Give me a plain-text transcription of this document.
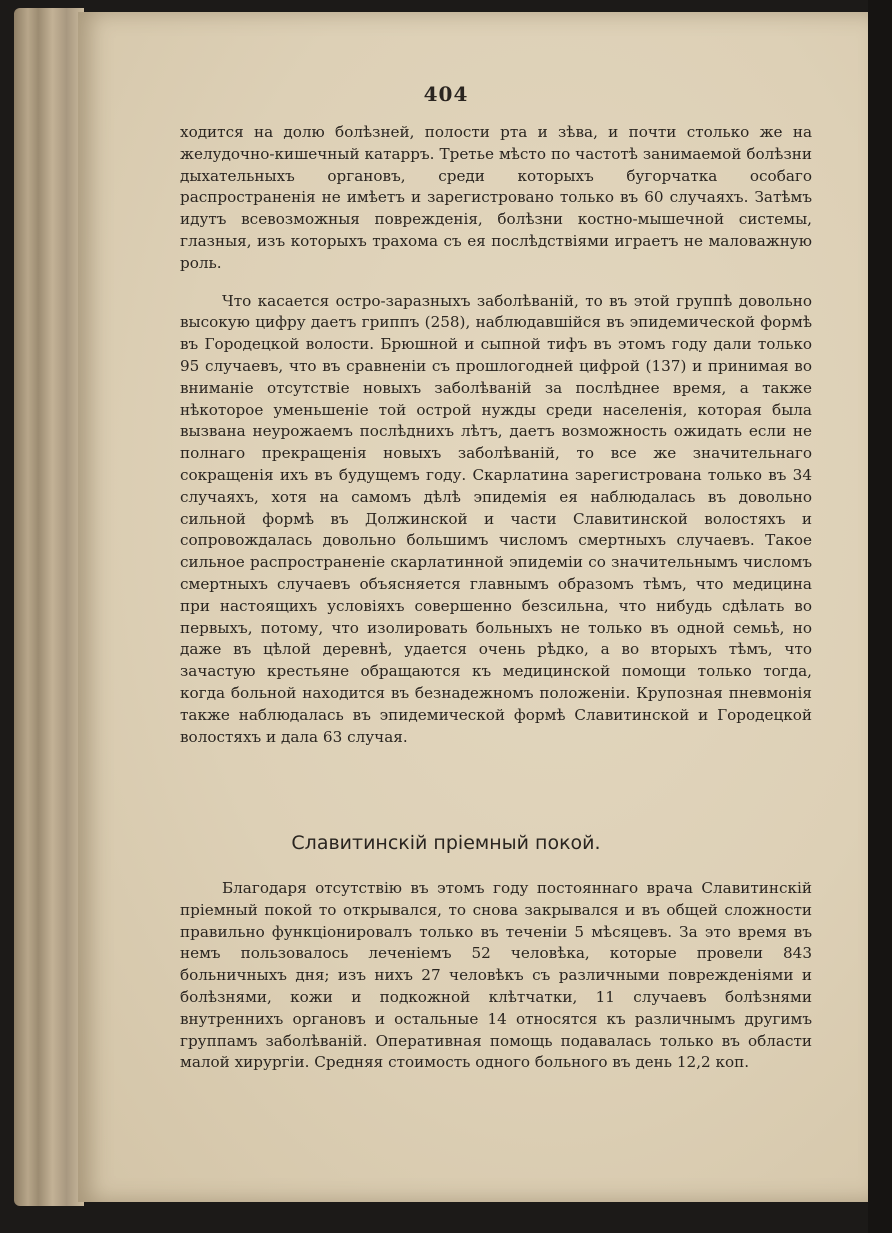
404

ходится на долю болѣзней, полости рта и зѣва, и почти столько же на желудочно-кишечный катарръ. Третье мѣсто по частотѣ занимаемой болѣзни дыхательныхъ органовъ, среди которыхъ бугорчатка особаго распространенія не имѣетъ и зарегистровано только въ 60 случаяхъ. Затѣмъ идутъ всевозможныя поврежденія, болѣзни костно-мышечной системы, глазныя, изъ которыхъ трахома съ ея послѣдствіями играетъ не маловажную роль.

Что касается остро-заразныхъ заболѣваній, то въ этой группѣ довольно высокую цифру даетъ гриппъ (258), наблюдавшійся въ эпидемической формѣ въ Городецкой волости. Брюшной и сыпной тифъ въ этомъ году дали только 95 случаевъ, что въ сравненіи съ прошлогодней цифрой (137) и принимая во вниманіе отсутствіе новыхъ заболѣваній за послѣднее время, а также нѣкоторое уменьшеніе той острой нужды среди населенія, которая была вызвана неурожаемъ послѣднихъ лѣтъ, даетъ возможность ожидать если не полнаго прекращенія новыхъ заболѣваній, то все же значительнаго сокращенія ихъ въ будущемъ году. Скарлатина зарегистрована только въ 34 случаяхъ, хотя на самомъ дѣлѣ эпидемія ея наблюдалась въ довольно сильной формѣ въ Должинской и части Славитинской волостяхъ и сопровождалась довольно большимъ числомъ смертныхъ случаевъ. Такое сильное распространеніе скарлатинной эпидеміи со значительнымъ числомъ смертныхъ случаевъ объясняется главнымъ образомъ тѣмъ, что медицина при настоящихъ условіяхъ совершенно безсильна, что нибудь сдѣлать во первыхъ, потому, что изолировать больныхъ не только въ одной семьѣ, но даже въ цѣлой деревнѣ, удается очень рѣдко, а во вторыхъ тѣмъ, что зачастую крестьяне обращаются къ медицинской помощи только тогда, когда больной находится въ безнадежномъ положеніи. Крупозная пневмонія также наблюдалась въ эпидемической формѣ Славитинской и Городецкой волостяхъ и дала 63 случая.

Славитинскій пріемный покой.

Благодаря отсутствію въ этомъ году постояннаго врача Славитинскій пріемный покой то открывался, то снова закрывался и въ общей сложности правильно функціонировалъ только въ теченіи 5 мѣсяцевъ. За это время въ немъ пользовалось леченіемъ 52 человѣка, которые провели 843 больничныхъ дня; изъ нихъ 27 человѣкъ съ различными поврежденіями и болѣзнями, кожи и подкожной клѣтчатки, 11 случаевъ болѣзнями внутреннихъ органовъ и остальные 14 относятся къ различнымъ другимъ группамъ заболѣваній. Оперативная помощь подавалась только въ области малой хирургіи. Средняя стоимость одного больного въ день 12,2 коп.
